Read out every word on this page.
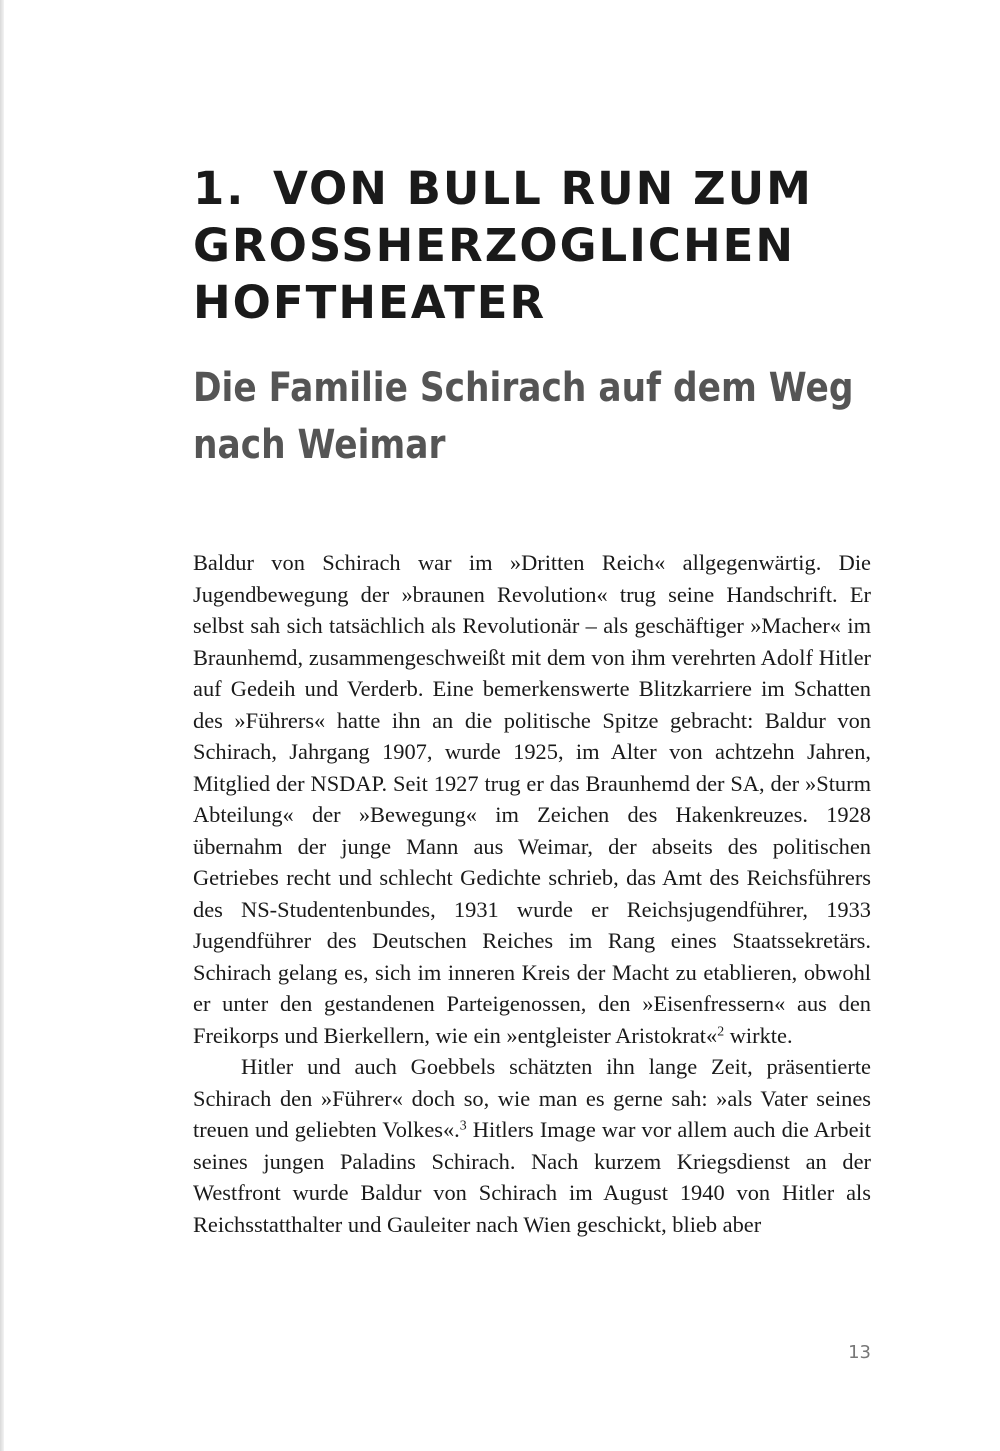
1. VON BULL RUN ZUM
GROSSHERZOGLICHEN
HOFTHEATER
Die Familie Schirach auf dem Weg
nach Weimar

Baldur von Schirach war im »Dritten Reich« allgegenwärtig. Die Jugendbewegung der »braunen Revolution« trug seine Handschrift. Er selbst sah sich tatsächlich als Revolutionär – als geschäftiger »Macher« im Braunhemd, zusammengeschweißt mit dem von ihm verehrten Adolf Hitler auf Gedeih und Verderb. Eine bemerkenswerte Blitzkarriere im Schatten des »Führers« hatte ihn an die politische Spitze gebracht: Baldur von Schirach, Jahrgang 1907, wurde 1925, im Alter von achtzehn Jahren, Mitglied der NSDAP. Seit 1927 trug er das Braunhemd der SA, der »Sturm Abteilung« der »Bewegung« im Zeichen des Hakenkreuzes. 1928 übernahm der junge Mann aus Weimar, der abseits des politischen Getriebes recht und schlecht Gedichte schrieb, das Amt des Reichsführers des NS-Studentenbundes, 1931 wurde er Reichsjugendführer, 1933 Jugendführer des Deutschen Reiches im Rang eines Staatssekretärs. Schirach gelang es, sich im inneren Kreis der Macht zu etablieren, obwohl er unter den gestandenen Parteigenossen, den »Eisenfressern« aus den Freikorps und Bierkellern, wie ein »entgleister Aristokrat«$^2$ wirkte.

Hitler und auch Goebbels schätzten ihn lange Zeit, präsentierte Schirach den »Führer« doch so, wie man es gerne sah: »als Vater seines treuen und geliebten Volkes«.$^3$ Hitlers Image war vor allem auch die Arbeit seines jungen Paladins Schirach. Nach kurzem Kriegsdienst an der Westfront wurde Baldur von Schirach im August 1940 von Hitler als Reichsstatthalter und Gauleiter nach Wien geschickt, blieb aber

13
